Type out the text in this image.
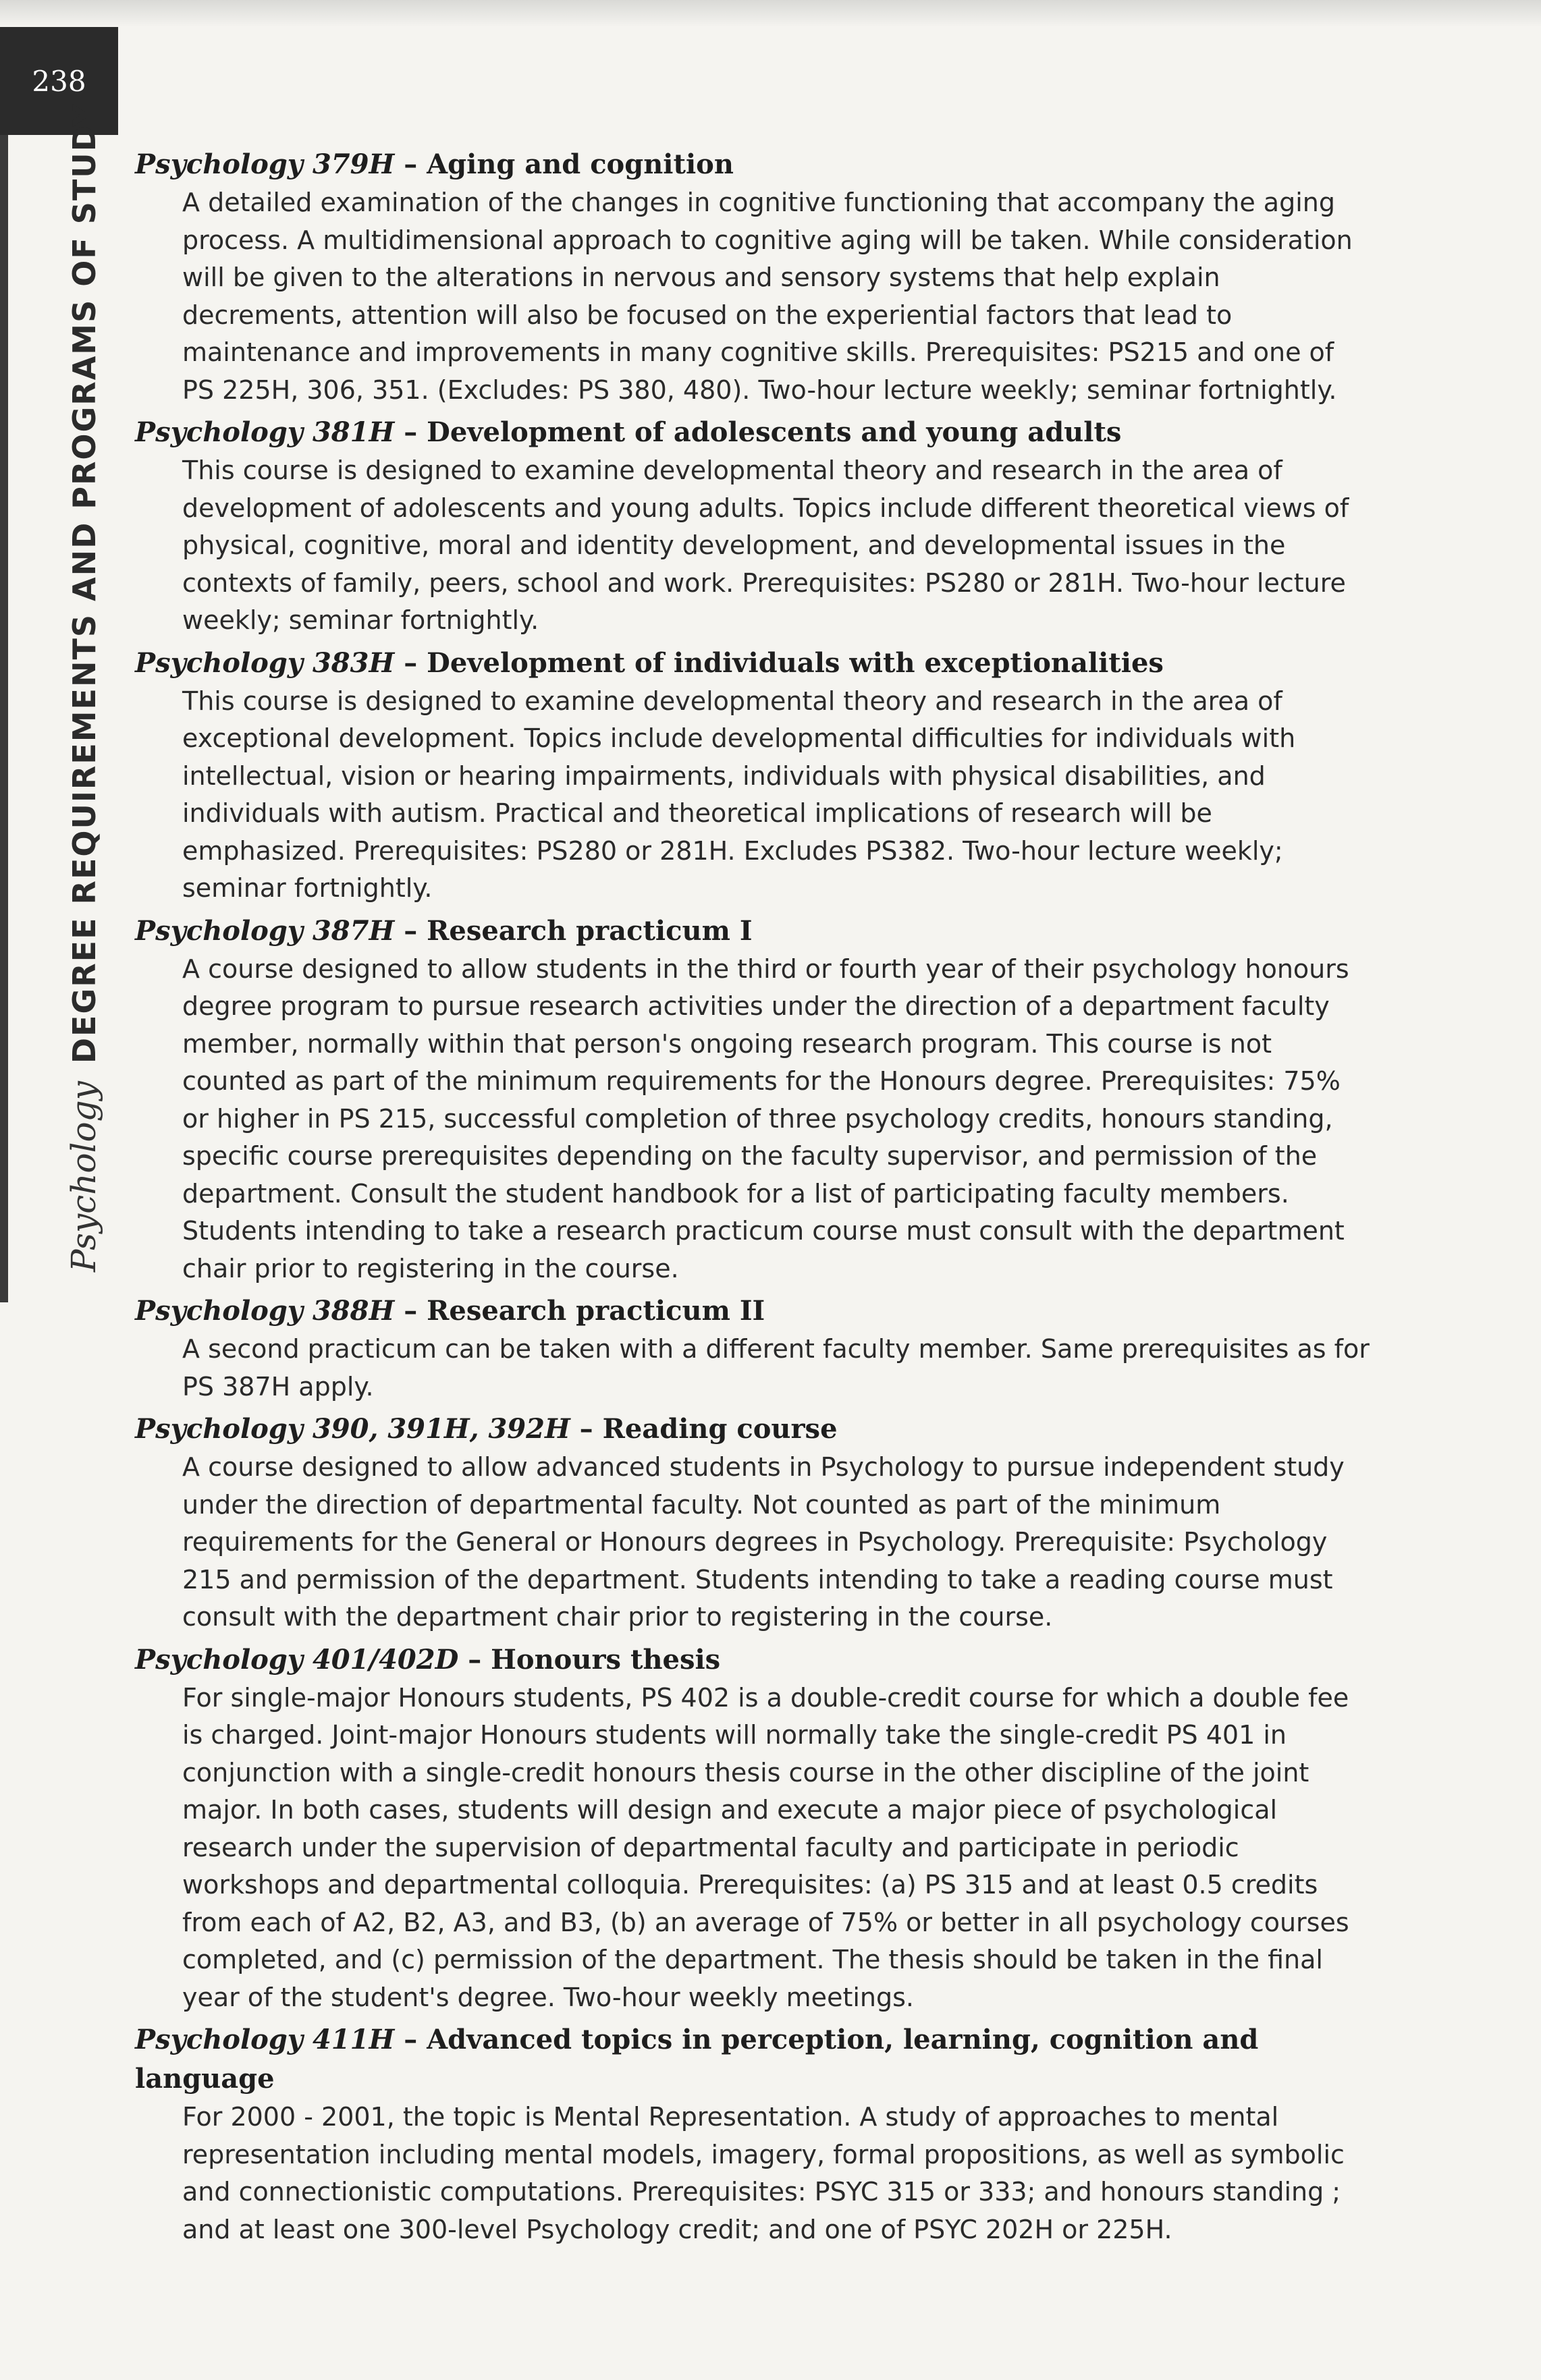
238
Psychology
DEGREE REQUIREMENTS AND PROGRAMS OF STUDY Psychology 379H – Aging and cognition
A detailed examination of the changes in cognitive functioning that accompany the aging process. A multidimensional approach to cognitive aging will be taken. While consideration will be given to the alterations in nervous and sensory systems that help explain decrements, attention will also be focused on the experiential factors that lead to maintenance and improvements in many cognitive skills. Prerequisites: PS215 and one of PS 225H, 306, 351. (Excludes: PS 380, 480). Two-hour lecture weekly; seminar fortnightly.
Psychology 381H – Development of adolescents and young adults
This course is designed to examine developmental theory and research in the area of development of adolescents and young adults. Topics include different theoretical views of physical, cognitive, moral and identity development, and developmental issues in the contexts of family, peers, school and work. Prerequisites: PS280 or 281H. Two-hour lecture weekly; seminar fortnightly.
Psychology 383H – Development of individuals with exceptionalities
This course is designed to examine developmental theory and research in the area of exceptional development. Topics include developmental difficulties for individuals with intellectual, vision or hearing impairments, individuals with physical disabilities, and individuals with autism. Practical and theoretical implications of research will be emphasized. Prerequisites: PS280 or 281H. Excludes PS382. Two-hour lecture weekly; seminar fortnightly.
Psychology 387H – Research practicum I
A course designed to allow students in the third or fourth year of their psychology honours degree program to pursue research activities under the direction of a department faculty member, normally within that person's ongoing research program. This course is not counted as part of the minimum requirements for the Honours degree. Prerequisites: 75% or higher in PS 215, successful completion of three psychology credits, honours standing, specific course prerequisites depending on the faculty supervisor, and permission of the department. Consult the student handbook for a list of participating faculty members. Students intending to take a research practicum course must consult with the department chair prior to registering in the course.
Psychology 388H – Research practicum II
A second practicum can be taken with a different faculty member. Same prerequisites as for PS 387H apply.
Psychology 390, 391H, 392H – Reading course
A course designed to allow advanced students in Psychology to pursue independent study under the direction of departmental faculty. Not counted as part of the minimum requirements for the General or Honours degrees in Psychology. Prerequisite: Psychology 215 and permission of the department. Students intending to take a reading course must consult with the department chair prior to registering in the course.
Psychology 401/402D – Honours thesis
For single-major Honours students, PS 402 is a double-credit course for which a double fee is charged. Joint-major Honours students will normally take the single-credit PS 401 in conjunction with a single-credit honours thesis course in the other discipline of the joint major. In both cases, students will design and execute a major piece of psychological research under the supervision of departmental faculty and participate in periodic workshops and departmental colloquia. Prerequisites: (a) PS 315 and at least 0.5 credits from each of A2, B2, A3, and B3, (b) an average of 75% or better in all psychology courses completed, and (c) permission of the department. The thesis should be taken in the final year of the student's degree. Two-hour weekly meetings.
Psychology 411H – Advanced topics in perception, learning, cognition and language
For 2000 - 2001, the topic is Mental Representation. A study of approaches to mental representation including mental models, imagery, formal propositions, as well as symbolic and connectionistic computations. Prerequisites: PSYC 315 or 333; and honours standing ; and at least one 300-level Psychology credit; and one of PSYC 202H or 225H.
